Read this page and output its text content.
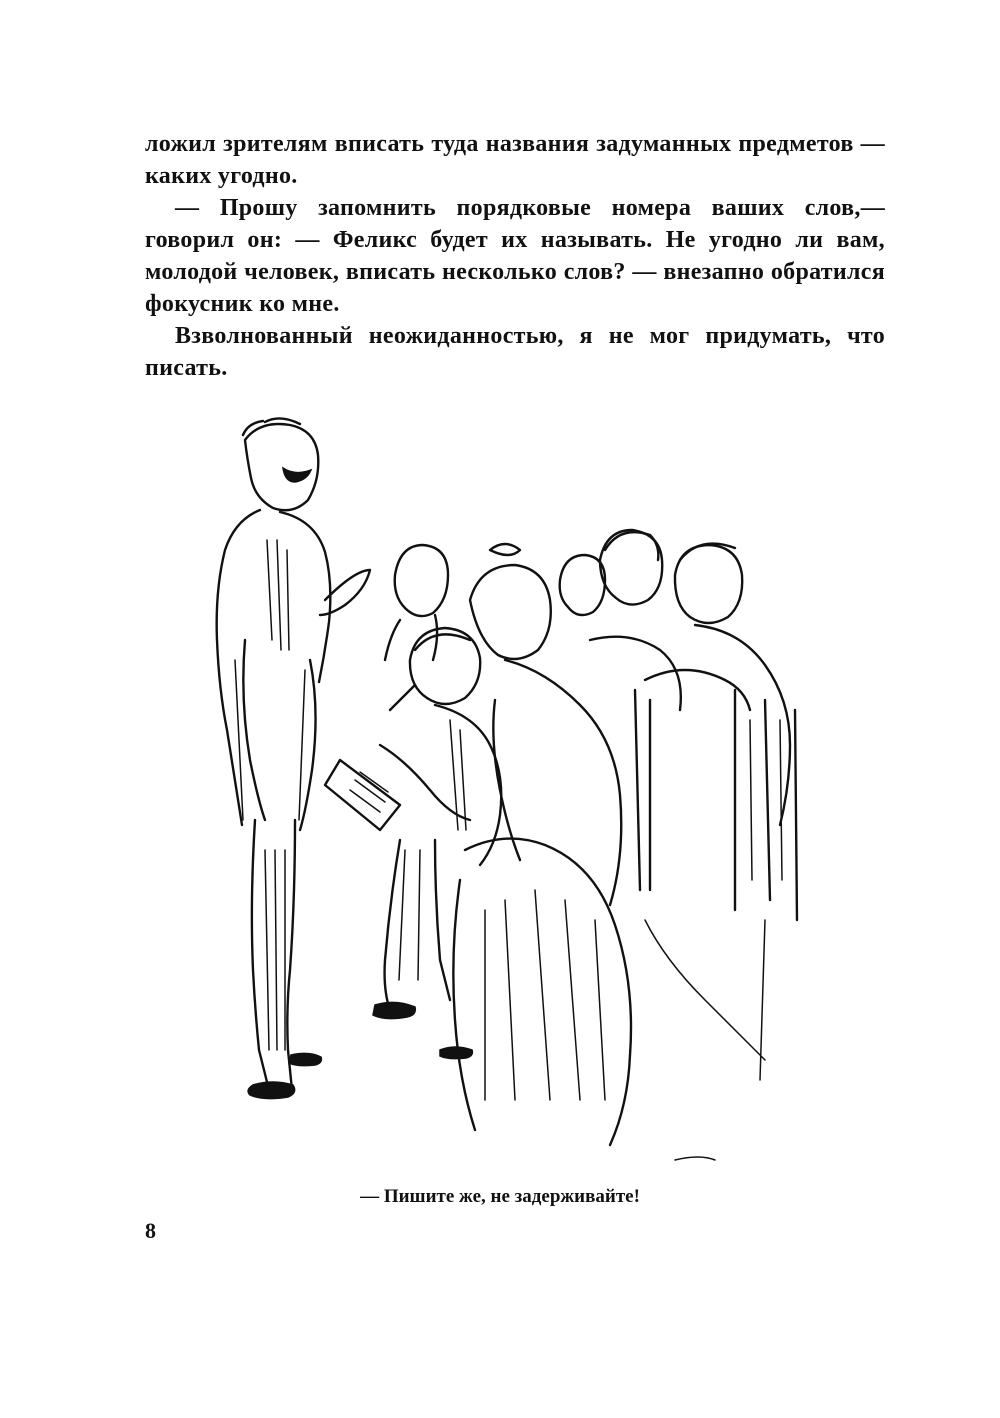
ложил зрителям вписать туда названия задуманных предметов — каких угодно.

— Прошу запомнить порядковые номера ваших слов,— говорил он: — Феликс будет их называть. Не угодно ли вам, молодой человек, вписать несколько слов? — внезапно обратился фокусник ко мне.

Взволнованный неожиданностью, я не мог придумать, что писать.

— Пишите же, не задерживайте!
8
